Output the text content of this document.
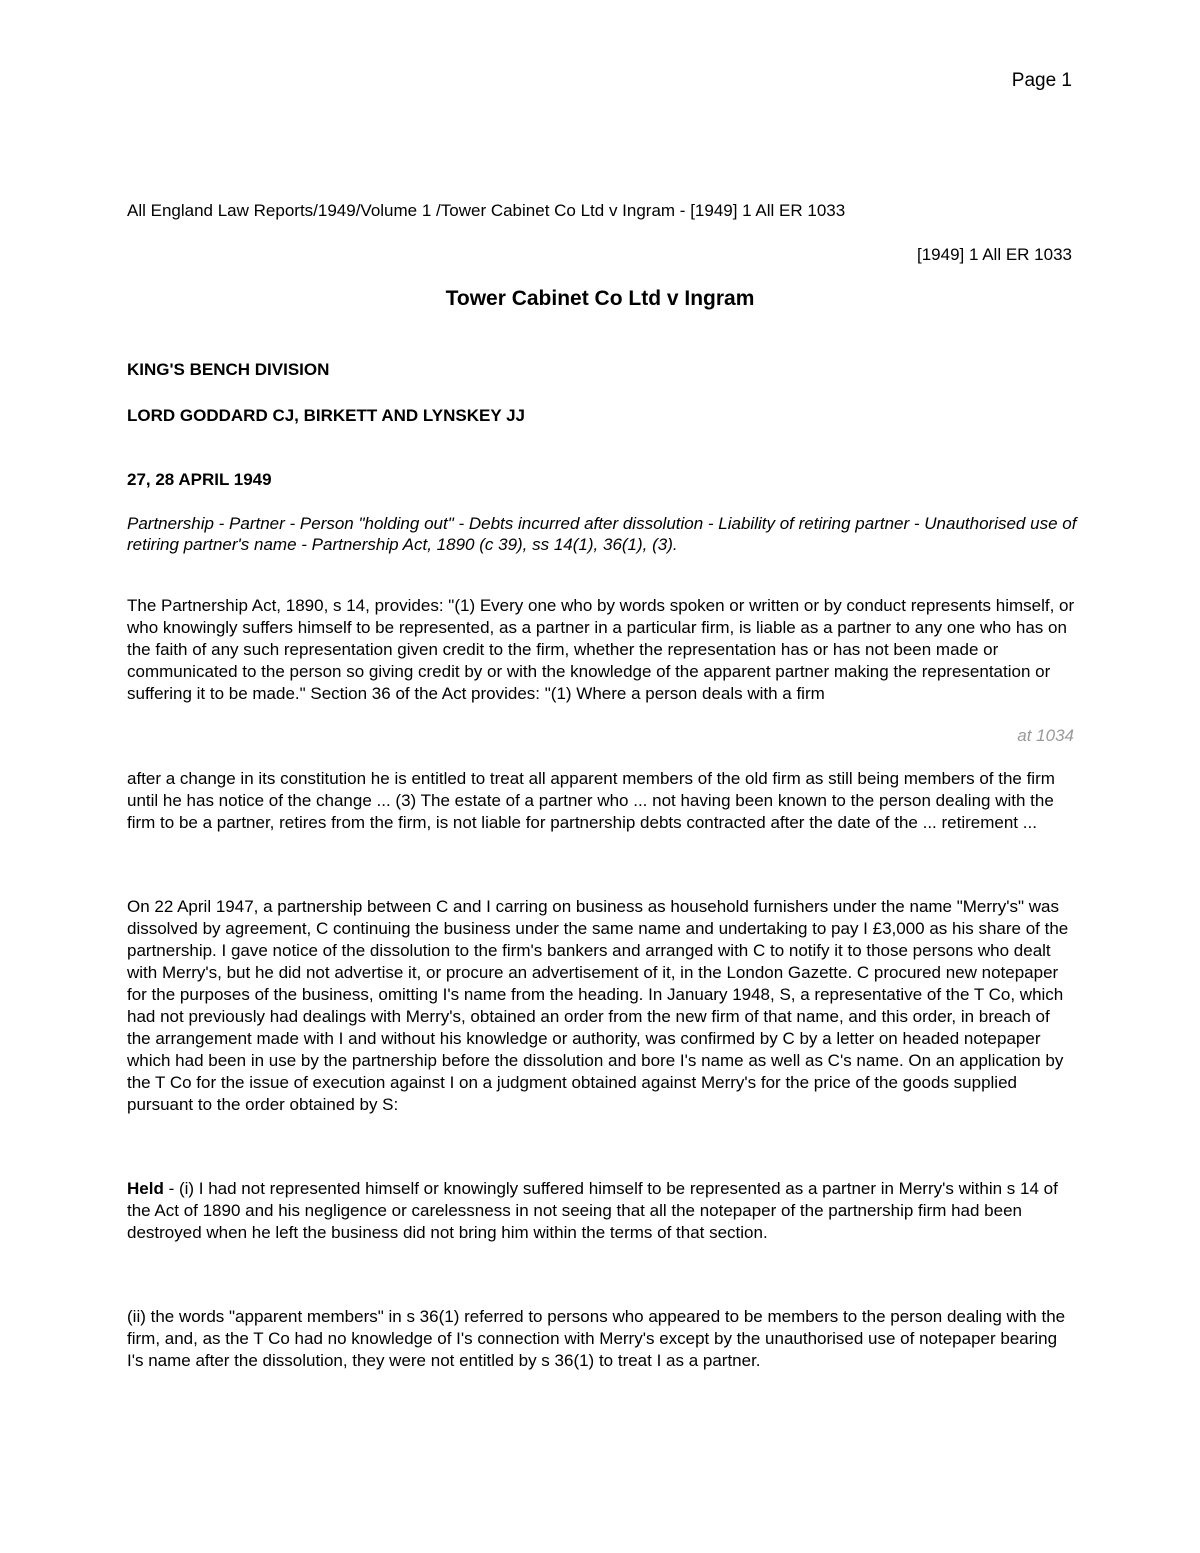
Page 1
All England Law Reports/1949/Volume 1 /Tower Cabinet Co Ltd v Ingram - [1949] 1 All ER 1033
[1949] 1 All ER 1033
Tower Cabinet Co Ltd v Ingram
KING'S BENCH DIVISION
LORD GODDARD CJ, BIRKETT AND LYNSKEY JJ
27, 28 APRIL 1949
Partnership - Partner - Person "holding out" - Debts incurred after dissolution - Liability of retiring partner - Unauthorised use of retiring partner's name - Partnership Act, 1890 (c 39), ss 14(1), 36(1), (3).
The Partnership Act, 1890, s 14, provides: "(1) Every one who by words spoken or written or by conduct represents himself, or who knowingly suffers himself to be represented, as a partner in a particular firm, is liable as a partner to any one who has on the faith of any such representation given credit to the firm, whether the representation has or has not been made or communicated to the person so giving credit by or with the knowledge of the apparent partner making the representation or suffering it to be made." Section 36 of the Act provides: "(1) Where a person deals with a firm
at 1034
after a change in its constitution he is entitled to treat all apparent members of the old firm as still being members of the firm until he has notice of the change ... (3) The estate of a partner who ... not having been known to the person dealing with the firm to be a partner, retires from the firm, is not liable for partnership debts contracted after the date of the ... retirement ...
On 22 April 1947, a partnership between C and I carring on business as household furnishers under the name "Merry's" was dissolved by agreement, C continuing the business under the same name and undertaking to pay I £3,000 as his share of the partnership. I gave notice of the dissolution to the firm's bankers and arranged with C to notify it to those persons who dealt with Merry's, but he did not advertise it, or procure an advertisement of it, in the London Gazette. C procured new notepaper for the purposes of the business, omitting I's name from the heading. In January 1948, S, a representative of the T Co, which had not previously had dealings with Merry's, obtained an order from the new firm of that name, and this order, in breach of the arrangement made with I and without his knowledge or authority, was confirmed by C by a letter on headed notepaper which had been in use by the partnership before the dissolution and bore I's name as well as C's name. On an application by the T Co for the issue of execution against I on a judgment obtained against Merry's for the price of the goods supplied pursuant to the order obtained by S:
Held - (i) I had not represented himself or knowingly suffered himself to be represented as a partner in Merry's within s 14 of the Act of 1890 and his negligence or carelessness in not seeing that all the notepaper of the partnership firm had been destroyed when he left the business did not bring him within the terms of that section.
(ii) the words "apparent members" in s 36(1) referred to persons who appeared to be members to the person dealing with the firm, and, as the T Co had no knowledge of I's connection with Merry's except by the unauthorised use of notepaper bearing I's name after the dissolution, they were not entitled by s 36(1) to treat I as a partner.
